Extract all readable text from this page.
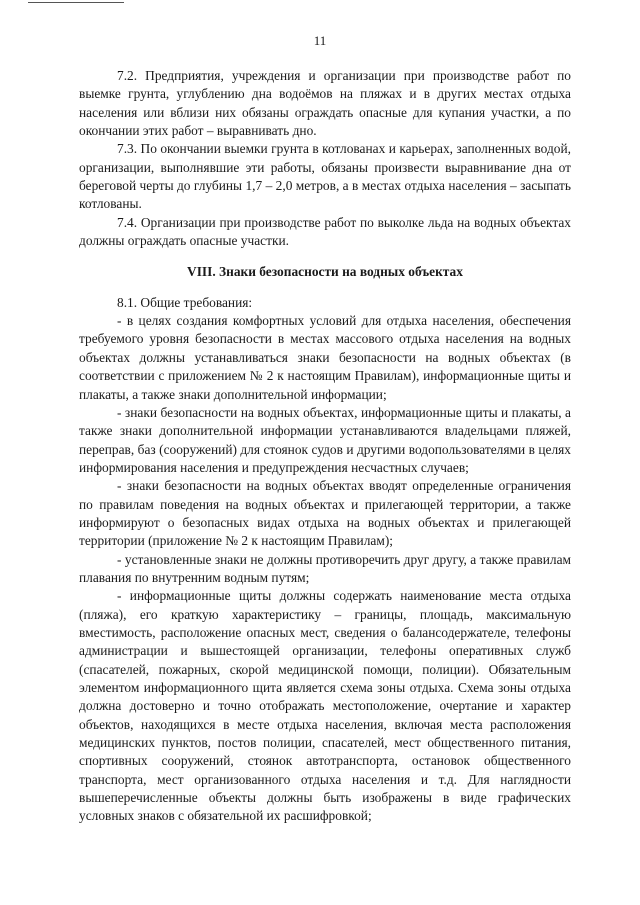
11

7.2. Предприятия, учреждения и организации при производстве работ по выемке грунта, углублению дна водоёмов на пляжах и в других местах отдыха населения или вблизи них обязаны ограждать опасные для купания участки, а по окончании этих работ – выравнивать дно.

7.3. По окончании выемки грунта в котлованах и карьерах, заполненных водой, организации, выполнявшие эти работы, обязаны произвести выравнивание дна от береговой черты до глубины 1,7 – 2,0 метров, а в местах отдыха населения – засыпать котлованы.

7.4. Организации при производстве работ по выколке льда на водных объектах должны ограждать опасные участки.

VIII. Знаки безопасности на водных объектах

8.1. Общие требования:

- в целях создания комфортных условий для отдыха населения, обеспечения требуемого уровня безопасности в местах массового отдыха населения на водных объектах должны устанавливаться знаки безопасности на водных объектах (в соответствии с приложением № 2 к настоящим Правилам), информационные щиты и плакаты, а также знаки дополнительной информации;

- знаки безопасности на водных объектах, информационные щиты и плакаты, а также знаки дополнительной информации устанавливаются владельцами пляжей, переправ, баз (сооружений) для стоянок судов и другими водопользователями в целях информирования населения и предупреждения несчастных случаев;

- знаки безопасности на водных объектах вводят определенные ограничения по правилам поведения на водных объектах и прилегающей территории, а также информируют о безопасных видах отдыха на водных объектах и прилегающей территории (приложение № 2 к настоящим Правилам);

- установленные знаки не должны противоречить друг другу, а также правилам плавания по внутренним водным путям;

- информационные щиты должны содержать наименование места отдыха (пляжа), его краткую характеристику – границы, площадь, максимальную вместимость, расположение опасных мест, сведения о балансодержателе, телефоны администрации и вышестоящей организации, телефоны оперативных служб (спасателей, пожарных, скорой медицинской помощи, полиции). Обязательным элементом информационного щита является схема зоны отдыха. Схема зоны отдыха должна достоверно и точно отображать местоположение, очертание и характер объектов, находящихся в месте отдыха населения, включая места расположения медицинских пунктов, постов полиции, спасателей, мест общественного питания, спортивных сооружений, стоянок автотранспорта, остановок общественного транспорта, мест организованного отдыха населения и т.д. Для наглядности вышеперечисленные объекты должны быть изображены в виде графических условных знаков с обязательной их расшифровкой;
